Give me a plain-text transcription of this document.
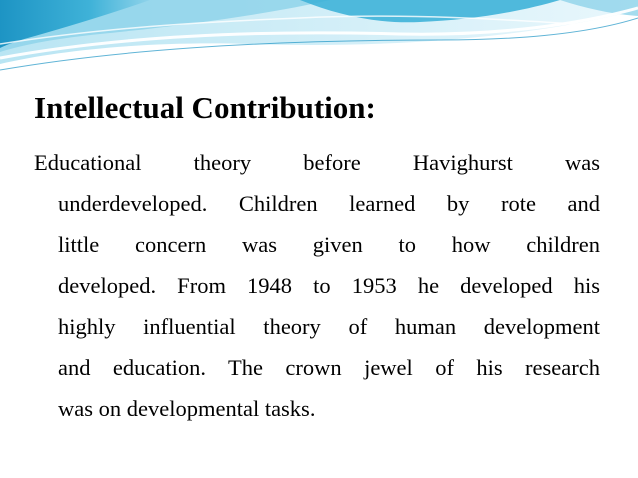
Intellectual Contribution:
Educational theory before Havighurst was
underdeveloped. Children learned by rote and
little concern was given to how children
developed. From 1948 to 1953 he developed his
highly influential theory of human development
and education. The crown jewel of his research
was on developmental tasks.
